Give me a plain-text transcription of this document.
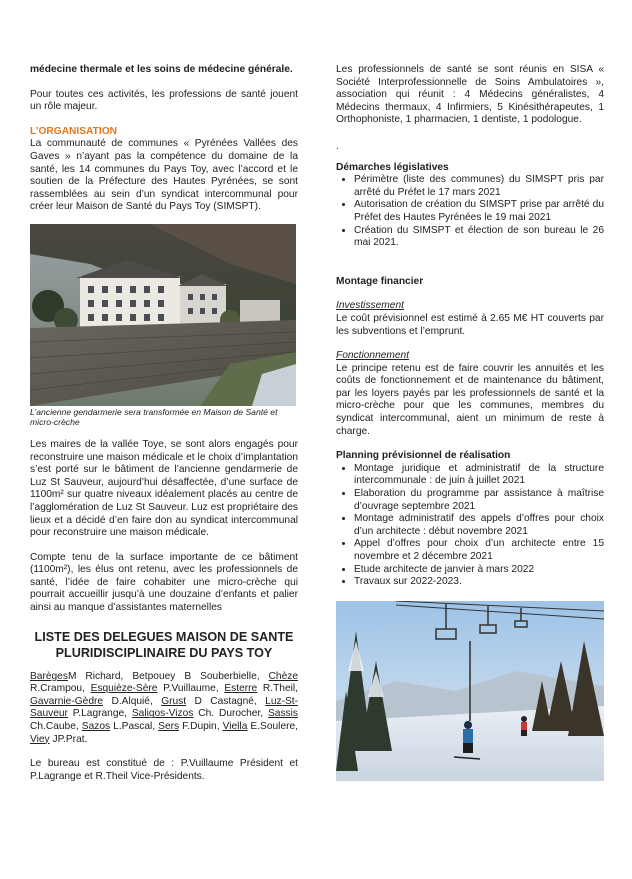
médecine thermale et les soins de médecine générale.

Pour toutes ces activités, les professions de santé jouent un rôle majeur.

L’ORGANISATION

La communauté de communes « Pyrénées Vallées des Gaves » n’ayant pas la compétence du domaine de la santé, les 14 communes du Pays Toy, avec l’accord et le soutien de la Préfecture des Hautes Pyrénées, se sont rassemblées au sein d’un syndicat intercommunal pour créer leur Maison de Santé du Pays Toy (SIMSPT).

L’ancienne gendarmerie sera transformée en Maison de Santé et micro-crèche

Les maires de la vallée Toye, se sont alors engagés pour reconstruire une maison médicale et le choix d’implantation s’est porté sur le bâtiment de l’ancienne gendarmerie de Luz St Sauveur, aujourd’hui désaffectée, d’une surface de 1100m² sur quatre niveaux idéalement placés au centre de l’agglomération de Luz St Sauveur. Luz est propriétaire des lieux et a décidé d’en faire don au syndicat intercommunal pour reconstruire une maison médicale.

Compte tenu de la surface importante de ce bâtiment (1100m²), les élus ont retenu, avec les professionnels de santé, l’idée de faire cohabiter une micro-crèche qui pourrait accueillir jusqu’à une douzaine d’enfants et palier ainsi au manque d’assistantes maternelles

LISTE DES DELEGUES MAISON DE SANTE PLURIDISCIPLINAIRE DU PAYS TOY

BarègesM Richard, Betpouey B Souberbielle, Chèze R.Crampou, Esquièze-Sère P.Vuillaume, Esterre R.Theil, Gavarnie-Gèdre D.Alquié, Grust D Castagné, Luz-St-Sauveur P.Lagrange, Saligos-Vizos Ch. Durocher, Sassis Ch.Caube, Sazos L.Pascal, Sers F.Dupin, Viella E.Soulere, Viey JP.Prat.

Le bureau est constitué de : P.Vuillaume Président et P.Lagrange et R.Theil Vice-Présidents.

Les professionnels de santé se sont réunis en SISA « Société Interprofessionnelle de Soins Ambulatoires », association qui réunit : 4 Médecins généralistes, 4 Médecins thermaux, 4 Infirmiers, 5 Kinésithérapeutes, 1 Orthophoniste, 1 pharmacien, 1 dentiste, 1 podologue.

.

Démarches législatives

• Périmètre (liste des communes) du SIMSPT pris par arrêté du Préfet le 17 mars 2021
• Autorisation de création du SIMSPT prise par arrêté du Préfet des Hautes Pyrénées le 19 mai 2021
• Création du SIMSPT et élection de son bureau le 26 mai 2021.

Montage financier

Investissement

Le coût prévisionnel est estimé à 2.65 M€ HT couverts par les subventions et l’emprunt.

Fonctionnement

Le principe retenu est de faire couvrir les annuités et les coûts de fonctionnement et de maintenance du bâtiment, par les loyers payés par les professionnels de santé et la micro-crèche pour que les communes, membres du syndicat intercommunal, aient un minimum de reste à charge.

Planning prévisionnel de réalisation

• Montage juridique et administratif de la structure intercommunale : de juin à juillet 2021
• Elaboration du programme par assistance à maîtrise d’ouvrage septembre 2021
• Montage administratif des appels d’offres pour choix d’un architecte : début novembre 2021
• Appel d’offres pour choix d’un architecte entre 15 novembre et 2 décembre 2021
• Etude architecte de janvier à mars 2022
• Travaux sur 2022-2023.
